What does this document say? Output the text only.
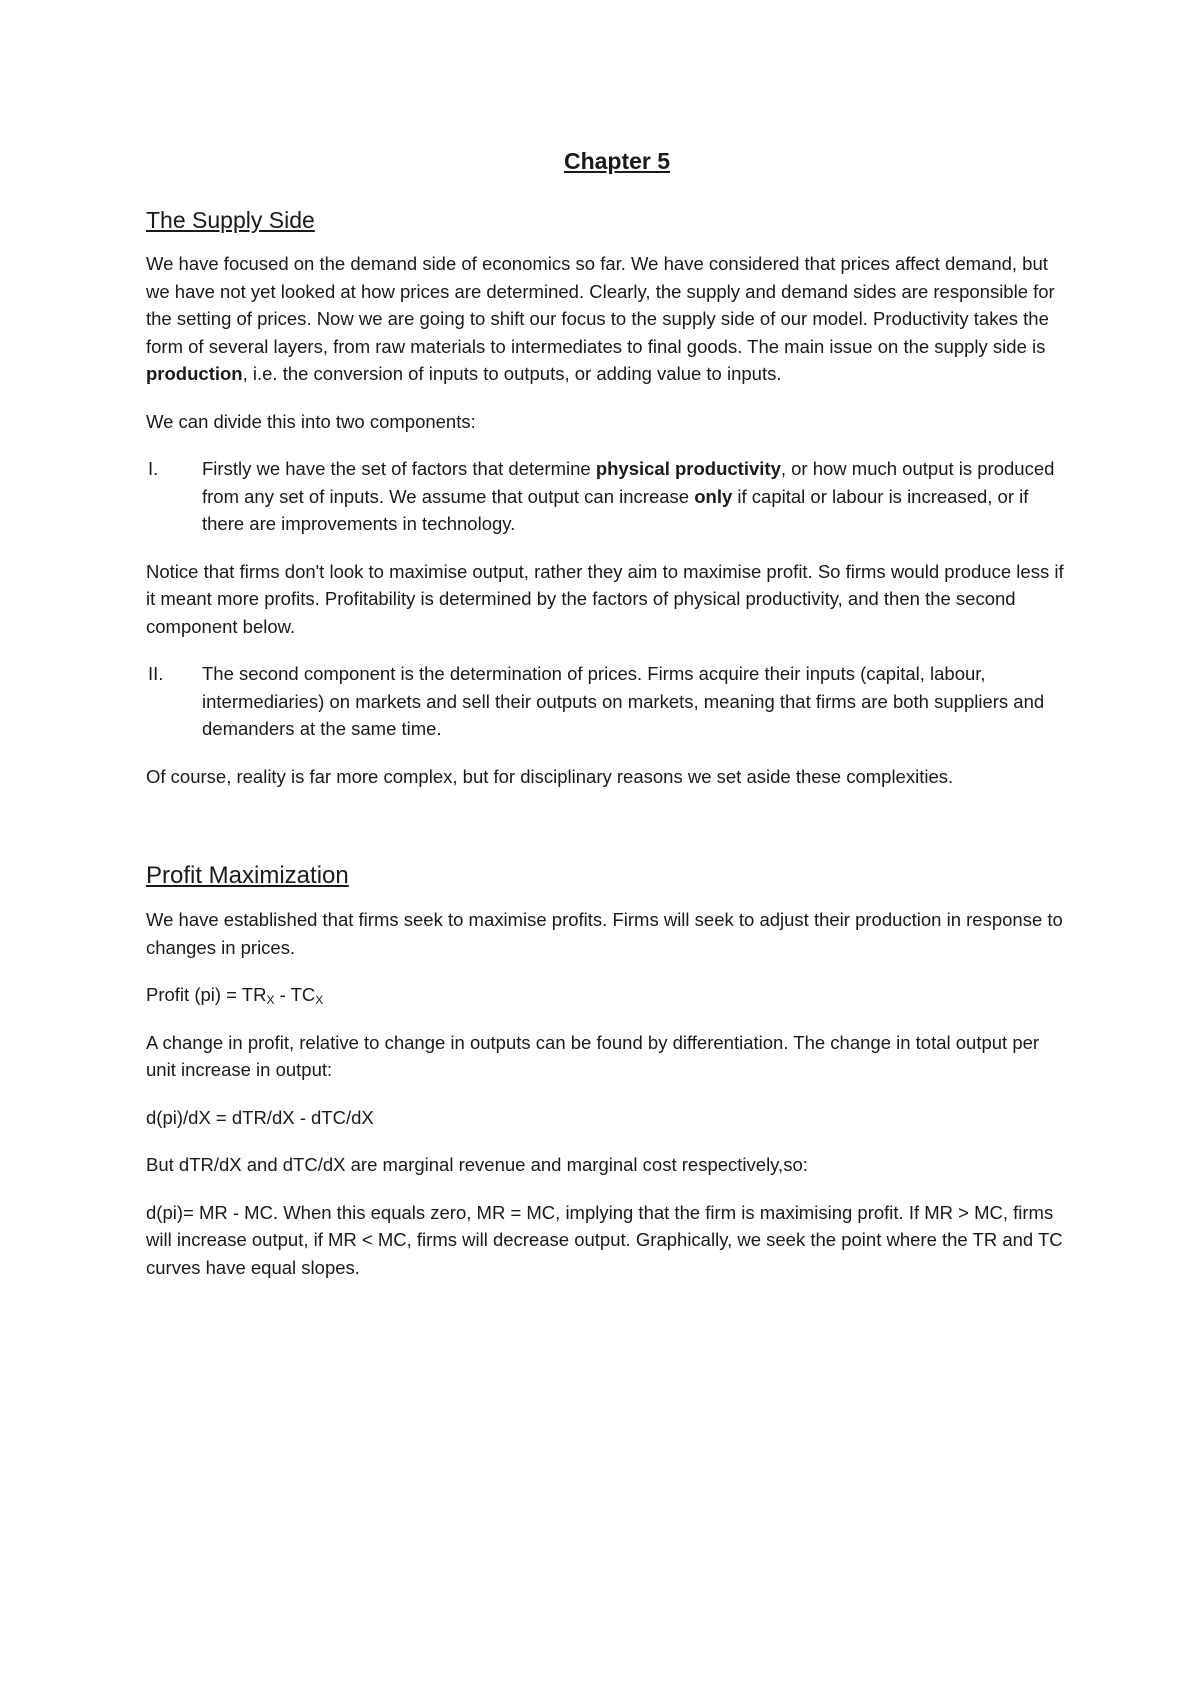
Chapter 5
The Supply Side

We have focused on the demand side of economics so far. We have considered that prices affect demand, but we have not yet looked at how prices are determined. Clearly, the supply and demand sides are responsible for the setting of prices. Now we are going to shift our focus to the supply side of our model. Productivity takes the form of several layers, from raw materials to intermediates to final goods. The main issue on the supply side is production, i.e. the conversion of inputs to outputs, or adding value to inputs.

We can divide this into two components:

I. Firstly we have the set of factors that determine physical productivity, or how much output is produced from any set of inputs. We assume that output can increase only if capital or labour is increased, or if there are improvements in technology.

Notice that firms don't look to maximise output, rather they aim to maximise profit. So firms would produce less if it meant more profits. Profitability is determined by the factors of physical productivity, and then the second component below.

II. The second component is the determination of prices. Firms acquire their inputs (capital, labour, intermediaries) on markets and sell their outputs on markets, meaning that firms are both suppliers and demanders at the same time.

Of course, reality is far more complex, but for disciplinary reasons we set aside these complexities.

Profit Maximization

We have established that firms seek to maximise profits. Firms will seek to adjust their production in response to changes in prices.

Profit $(pi) = TR_X - TC_X$

A change in profit, relative to change in outputs can be found by differentiation. The change in total output per unit increase in output:

d(pi)/dX = dTR/dX - dTC/dX

But dTR/dX and dTC/dX are marginal revenue and marginal cost respectively,so:

d(pi)= MR - MC. When this equals zero, MR = MC, implying that the firm is maximising profit. If MR > MC, firms will increase output, if MR < MC, firms will decrease output. Graphically, we seek the point where the TR and TC curves have equal slopes.
